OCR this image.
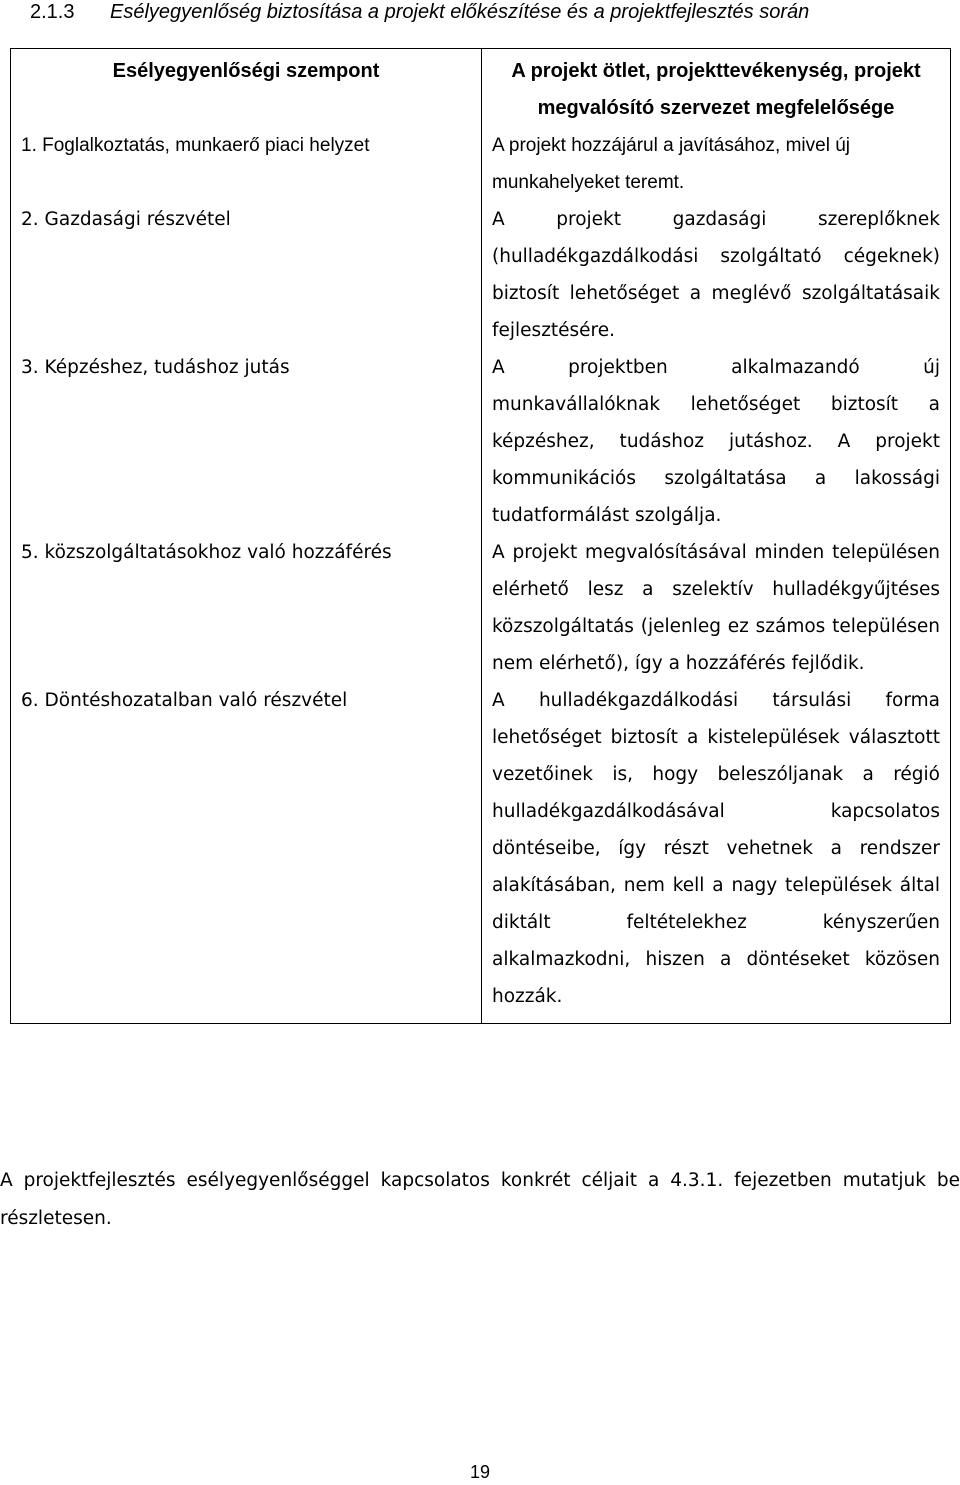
2.1.3 Esélyegyenlőség biztosítása a projekt előkészítése és a projektfejlesztés során
Esélyegyenlőségi szempont	A projekt ötlet, projekttevékenység, projekt megvalósító szervezet megfelelősége
1. Foglalkoztatás, munkaerő piaci helyzet	A projekt hozzájárul a javításához, mivel új munkahelyeket teremt.
2. Gazdasági részvétel	A projekt gazdasági szereplőknek (hulladékgazdálkodási szolgáltató cégeknek) biztosít lehetőséget a meglévő szolgáltatásaik fejlesztésére.
3. Képzéshez, tudáshoz jutás	A projektben alkalmazandó új munkavállalóknak lehetőséget biztosít a képzéshez, tudáshoz jutáshoz. A projekt kommunikációs szolgáltatása a lakossági tudatformálást szolgálja.
5. közszolgáltatásokhoz való hozzáférés	A projekt megvalósításával minden településen elérhető lesz a szelektív hulladékgyűjtéses közszolgáltatás (jelenleg ez számos településen nem elérhető), így a hozzáférés fejlődik.
6. Döntéshozatalban való részvétel	A hulladékgazdálkodási társulási forma lehetőséget biztosít a kistelepülések választott vezetőinek is, hogy beleszóljanak a régió hulladékgazdálkodásával kapcsolatos döntéseibe, így részt vehetnek a rendszer alakításában, nem kell a nagy települések által diktált feltételekhez kényszerűen alkalmazkodni, hiszen a döntéseket közösen hozzák.
A projektfejlesztés esélyegyenlőséggel kapcsolatos konkrét céljait a 4.3.1. fejezetben mutatjuk be részletesen.
19
